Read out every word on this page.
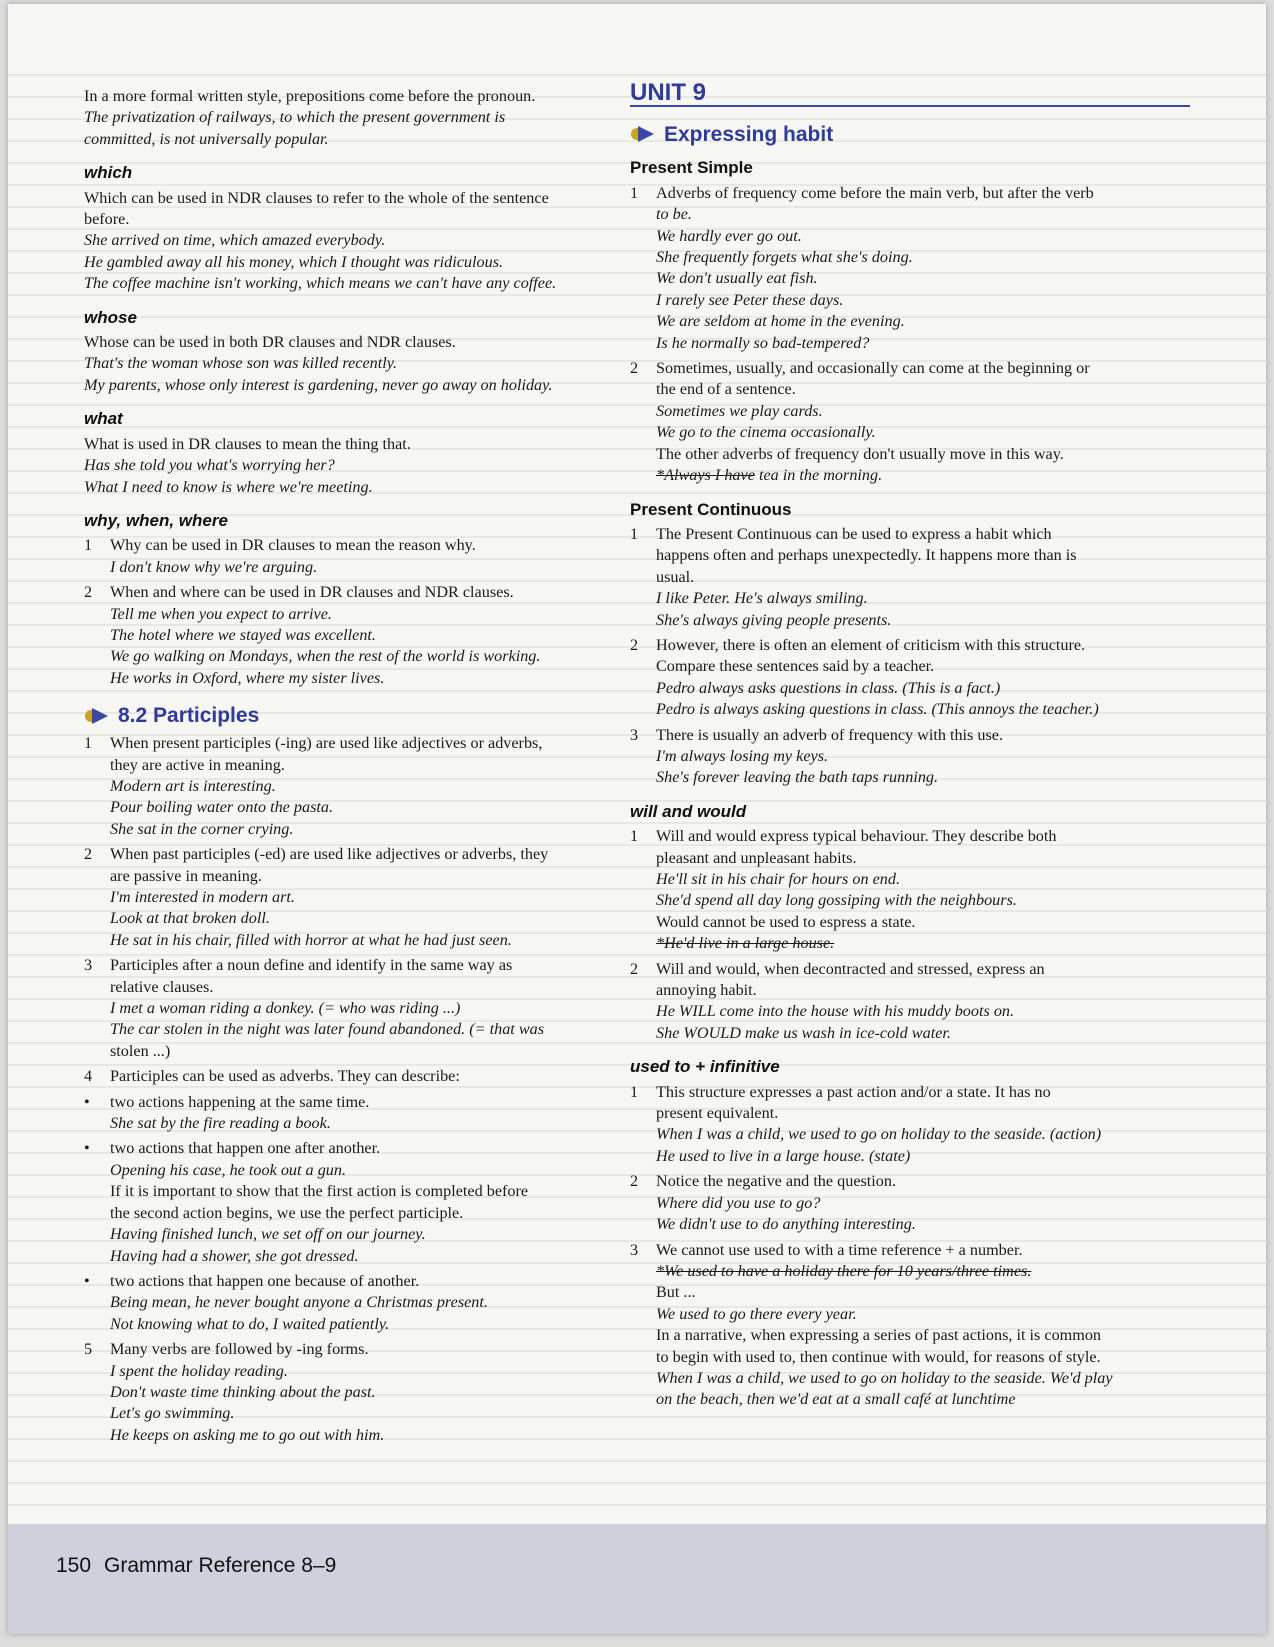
In a more formal written style, prepositions come before the pronoun.

The privatization of railways, to which the present government is

committed, is not universally popular.

which

Which can be used in NDR clauses to refer to the whole of the sentence

before.

She arrived on time, which amazed everybody.

He gambled away all his money, which I thought was ridiculous.

The coffee machine isn't working, which means we can't have any coffee.

whose

Whose can be used in both DR clauses and NDR clauses.

That's the woman whose son was killed recently.

My parents, whose only interest is gardening, never go away on holiday.

what

What is used in DR clauses to mean the thing that.

Has she told you what's worrying her?

What I need to know is where we're meeting.

why, when, where
1	Why can be used in DR clauses to mean the reason why.

I don't know why we're arguing.

2	When and where can be used in DR clauses and NDR clauses.

Tell me when you expect to arrive.

The hotel where we stayed was excellent.

We go walking on Mondays, when the rest of the world is working.

He works in Oxford, where my sister lives.

8.2 Participles
1	When present participles (-ing) are used like adjectives or adverbs,

they are active in meaning.

Modern art is interesting.

Pour boiling water onto the pasta.

She sat in the corner crying.

2	When past participles (-ed) are used like adjectives or adverbs, they

are passive in meaning.

I'm interested in modern art.

Look at that broken doll.

He sat in his chair, filled with horror at what he had just seen.

3	Participles after a noun define and identify in the same way as

relative clauses.

I met a woman riding a donkey. (= who was riding ...)

The car stolen in the night was later found abandoned. (= that was

stolen ...)

4	Participles can be used as adverbs. They can describe:

•	two actions happening at the same time.

She sat by the fire reading a book.

•	two actions that happen one after another.

Opening his case, he took out a gun.

If it is important to show that the first action is completed before

the second action begins, we use the perfect participle.

Having finished lunch, we set off on our journey.

Having had a shower, she got dressed.

•	two actions that happen one because of another.

Being mean, he never bought anyone a Christmas present.

Not knowing what to do, I waited patiently.

5	Many verbs are followed by -ing forms.

I spent the holiday reading.

Don't waste time thinking about the past.

Let's go swimming.

He keeps on asking me to go out with him.

UNIT 9
Expressing habit
Present Simple
1	Adverbs of frequency come before the main verb, but after the verb

to be.

We hardly ever go out.

She frequently forgets what she's doing.

We don't usually eat fish.

I rarely see Peter these days.

We are seldom at home in the evening.

Is he normally so bad-tempered?

2	Sometimes, usually, and occasionally can come at the beginning or

the end of a sentence.

Sometimes we play cards.

We go to the cinema occasionally.

The other adverbs of frequency don't usually move in this way.

*Always I have tea in the morning.

Present Continuous
1	The Present Continuous can be used to express a habit which

happens often and perhaps unexpectedly. It happens more than is

usual.

I like Peter. He's always smiling.

She's always giving people presents.

2	However, there is often an element of criticism with this structure.

Compare these sentences said by a teacher.

Pedro always asks questions in class. (This is a fact.)

Pedro is always asking questions in class. (This annoys the teacher.)

3	There is usually an adverb of frequency with this use.

I'm always losing my keys.

She's forever leaving the bath taps running.

will and would
1	Will and would express typical behaviour. They describe both

pleasant and unpleasant habits.

He'll sit in his chair for hours on end.

She'd spend all day long gossiping with the neighbours.

Would cannot be used to espress a state.

*He'd live in a large house.

2	Will and would, when decontracted and stressed, express an

annoying habit.

He WILL come into the house with his muddy boots on.

She WOULD make us wash in ice-cold water.

used to + infinitive
1	This structure expresses a past action and/or a state. It has no

present equivalent.

When I was a child, we used to go on holiday to the seaside. (action)

He used to live in a large house. (state)

2	Notice the negative and the question.

Where did you use to go?

We didn't use to do anything interesting.

3	We cannot use used to with a time reference + a number.

*We used to have a holiday there for 10 years/three times.

But ...

We used to go there every year.

In a narrative, when expressing a series of past actions, it is common

to begin with used to, then continue with would, for reasons of style.

When I was a child, we used to go on holiday to the seaside. We'd play

on the beach, then we'd eat at a small café at lunchtime

150 Grammar Reference 8–9
